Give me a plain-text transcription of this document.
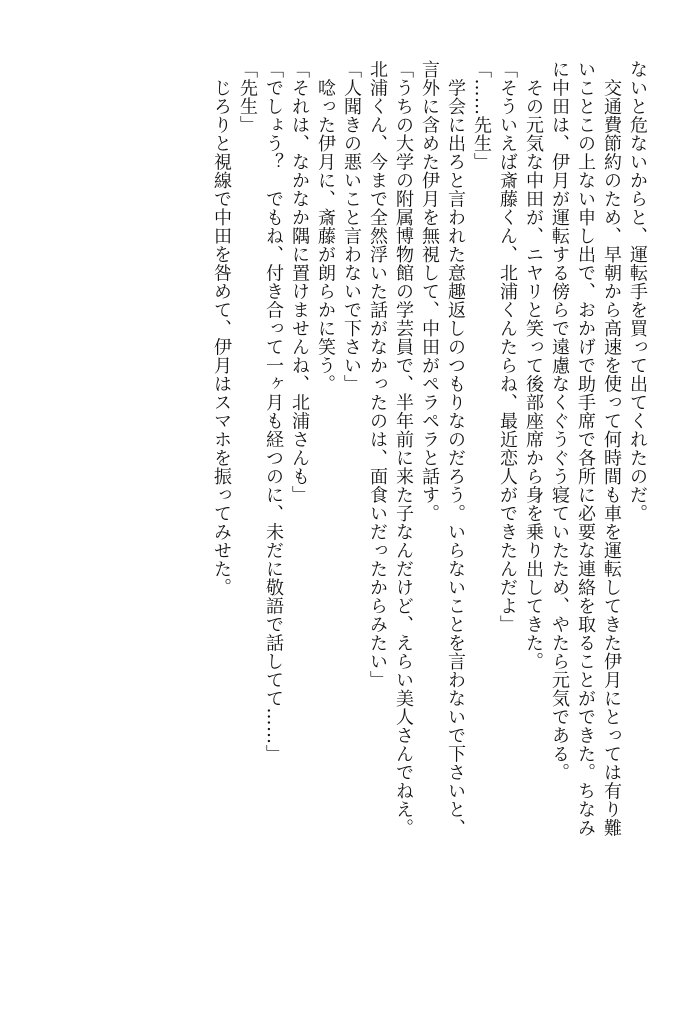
ないと危ないからと、運転手を買って出てくれたのだ。
　交通費節約のため、早朝から高速を使って何時間も車を運転してきた伊月にとっては有り難
いことこの上ない申し出で、おかげで助手席で各所に必要な連絡を取ることができた。ちなみ
に中田は、伊月が運転する傍らで遠慮なくぐうぐう寝ていたため、やたら元気である。
　その元気な中田が、ニヤリと笑って後部座席から身を乗り出してきた。
「そういえば斎藤くん、北浦くんたらね、最近恋人ができたんだよ」
「……先生」
　学会に出ろと言われた意趣返しのつもりなのだろう。いらないことを言わないで下さいと、
言外に含めた伊月を無視して、中田がペラペラと話す。
「うちの大学の附属博物館の学芸員で、半年前に来た子なんだけど、えらい美人さんでねえ。
北浦くん、今まで全然浮いた話がなかったのは、面食いだったからみたい」
「人聞きの悪いこと言わないで下さい」
　唸った伊月に、斎藤が朗らかに笑う。
「それは、なかなか隅に置けませんね、北浦さんも」
「でしょう？　でもね、付き合って一ヶ月も経つのに、未だに敬語で話してて……」
「先生」
　じろりと視線で中田を咎めて、伊月はスマホを振ってみせた。
